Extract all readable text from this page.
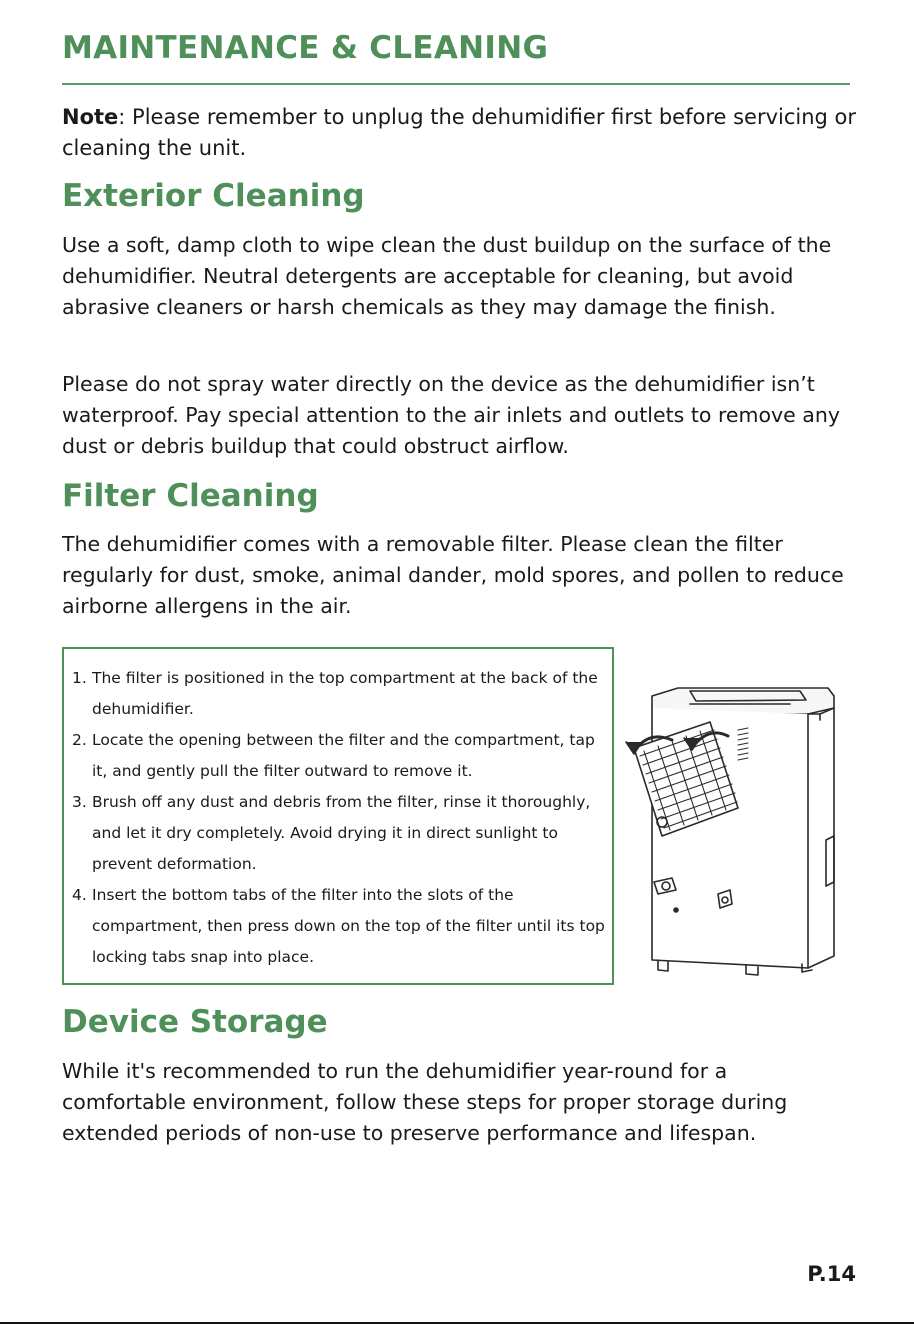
MAINTENANCE & CLEANING

Note: Please remember to unplug the dehumidifier first before servicing or cleaning the unit.

Exterior Cleaning

Use a soft, damp cloth to wipe clean the dust buildup on the surface of the dehumidifier. Neutral detergents are acceptable for cleaning, but avoid abrasive cleaners or harsh chemicals as they may damage the finish.

Please do not spray water directly on the device as the dehumidifier isn’t waterproof. Pay special attention to the air inlets and outlets to remove any dust or debris buildup that could obstruct airflow.

Filter Cleaning

The dehumidifier comes with a removable filter. Please clean the filter regularly for dust, smoke, animal dander, mold spores, and pollen to reduce airborne allergens in the air.

1. The filter is positioned in the top compartment at the back of the dehumidifier.
2. Locate the opening between the filter and the compartment, tap it, and gently pull the filter outward to remove it.
3. Brush off any dust and debris from the filter, rinse it thoroughly, and let it dry completely. Avoid drying it in direct sunlight to prevent deformation.
4. Insert the bottom tabs of the filter into the slots of the compartment, then press down on the top of the filter until its top locking tabs snap into place.
Device Storage

While it's recommended to run the dehumidifier year-round for a comfortable environment, follow these steps for proper storage during extended periods of non-use to preserve performance and lifespan.

P.14
